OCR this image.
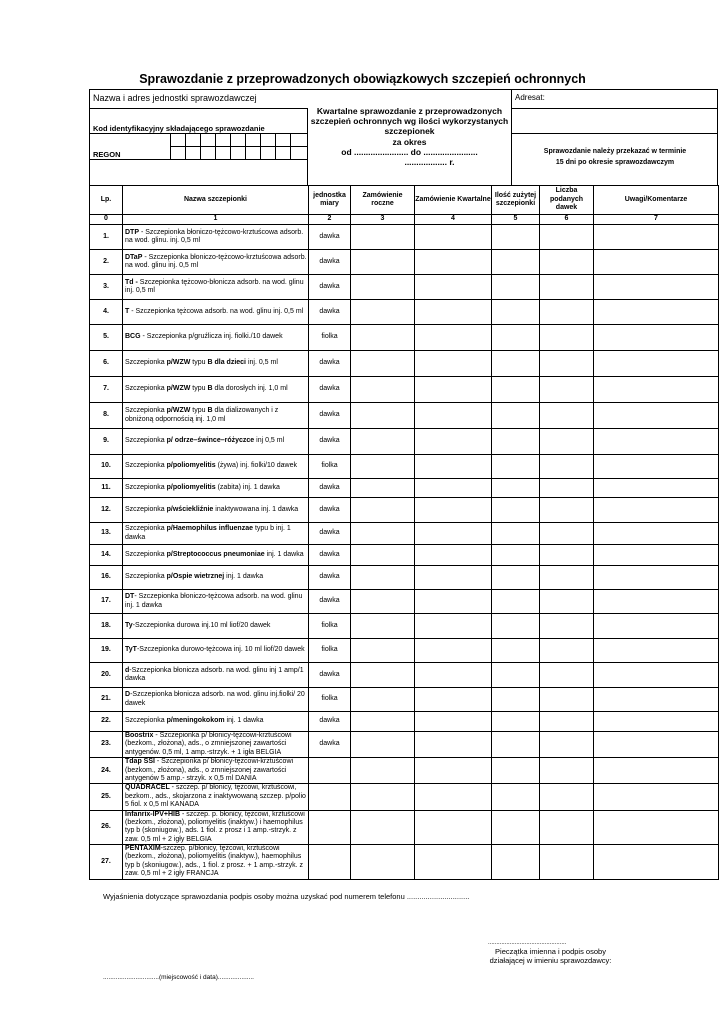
Sprawozdanie z przeprowadzonych obowiązkowych szczepień ochronnych
Nazwa i adres jednostki sprawozdawczej
Kod identyfikacyjny składającego sprawozdanie
REGON
Kwartalne sprawozdanie z przeprowadzonych
szczepień ochronnych wg ilości wykorzystanych
szczepionek
za okres
od ....................... do .......................
.................. r.
Adresat:
Sprawozdanie należy przekazać w terminie
15 dni po okresie sprawozdawczym
Lp.	Nazwa szczepionki	jednostka miary	Zamówienie roczne	Zamówienie Kwartalne	Ilość zużytej szczepionki	Liczba podanych dawek	Uwagi/Komentarze
0	1	2	3	4	5	6	7
1.	DTP - Szczepionka błoniczo-tężcowo-krztuścowa adsorb. na wod. glinu. inj. 0,5 ml	dawka					
2.	DTaP - Szczepionka błoniczo-tężcowo-krztuścowa adsorb. na wod. glinu inj. 0,5 ml	dawka					
3.	Td - Szczepionka tężcowo-błonicza adsorb. na wod. glinu inj. 0,5 ml	dawka					
4.	T - Szczepionka tężcowa adsorb. na wod. glinu inj. 0,5 ml	dawka					
5.	BCG - Szczepionka p/gruźlicza inj. fiolki./10 dawek	fiolka					
6.	Szczepionka p/WZW typu B dla dzieci inj. 0,5 ml	dawka					
7.	Szczepionka p/WZW typu B dla dorosłych inj. 1,0 ml	dawka					
8.	Szczepionka p/WZW typu B dla dializowanych i z obniżoną odpornością inj. 1,0 ml	dawka					
9.	Szczepionka p/ odrze–śwince–różyczce inj 0,5 ml	dawka					
10.	Szczepionka p/poliomyelitis (żywa) inj. fiolki/10 dawek	fiolka					
11.	Szczepionka p/poliomyelitis (zabita) inj. 1 dawka	dawka					
12.	Szczepionka p/wściekliźnie inaktywowana inj. 1 dawka	dawka					
13.	Szczepionka p/Haemophilus influenzae typu b inj. 1 dawka	dawka					
14.	Szczepionka p/Streptococcus pneumoniae inj. 1 dawka	dawka					
16.	Szczepionka p/Ospie wietrznej inj. 1 dawka	dawka					
17.	DT- Szczepionka błoniczo-tężcowa adsorb. na wod. glinu inj. 1 dawka	dawka					
18.	Ty-Szczepionka durowa inj.10 ml liof/20 dawek	fiolka					
19.	TyT-Szczepionka durowo-tężcowa inj. 10 ml liof/20 dawek	fiolka					
20.	d-Szczepionka błonicza adsorb. na wod. glinu inj 1 amp/1 dawka	dawka					
21.	D-Szczepionka błonicza adsorb. na wod. glinu inj.fiolki/ 20 dawek	fiolka					
22.	Szczepionka p/meningokokom inj. 1 dawka	dawka					
23.	Boostrix - Szczepionka p/ błonicy-tężcowi-krztuścowi (bezkom., złożona), ads., o zmniejszonej zawartości antygenów. 0,5 ml, 1 amp.-strzyk. + 1 igła BELGIA	dawka					
24.	Tdap SSI - Szczepionka p/ błonicy-tężcowi-krztuścowi (bezkom., złożona), ads., o zmniejszonej zawartości antygenów 5 amp.- strzyk. x 0,5 ml DANIA						
25.	QUADRACEL - szczep. p/ błonicy, tężcowi, krztuścowi, bezkom., ads., skojarzona z inaktywowaną szczep. p/polio 5 fiol. x 0,5 ml KANADA						
26.	Infanrix-IPV+HIB - szczep. p. błonicy, tężcowi, krztuścowi (bezkom., złożona), poliomyelitis (inaktyw.) i haemophilus typ b (skoniugow.), ads. 1 fiol. z prosz i 1 amp.-strzyk. z zaw. 0,5 ml + 2 igły BELGIA						
27.	PENTAXIM-szczep. p/błonicy, tężcowi, krztuścowi (bezkom., złożona), poliomyelitis (inaktyw.), haemophilus typ b (skoniugow.), ads., 1 fiol. z prosz. + 1 amp.-strzyk. z zaw. 0,5 ml + 2 igły FRANCJA						
Wyjaśnienia dotyczące sprawozdania podpis osoby można uzyskać pod numerem telefonu ..............................
...............................................
Pieczątka imienna i podpis osoby
działającej w imieniu sprawozdawcy:
...............................(miejscowość i data)....................
